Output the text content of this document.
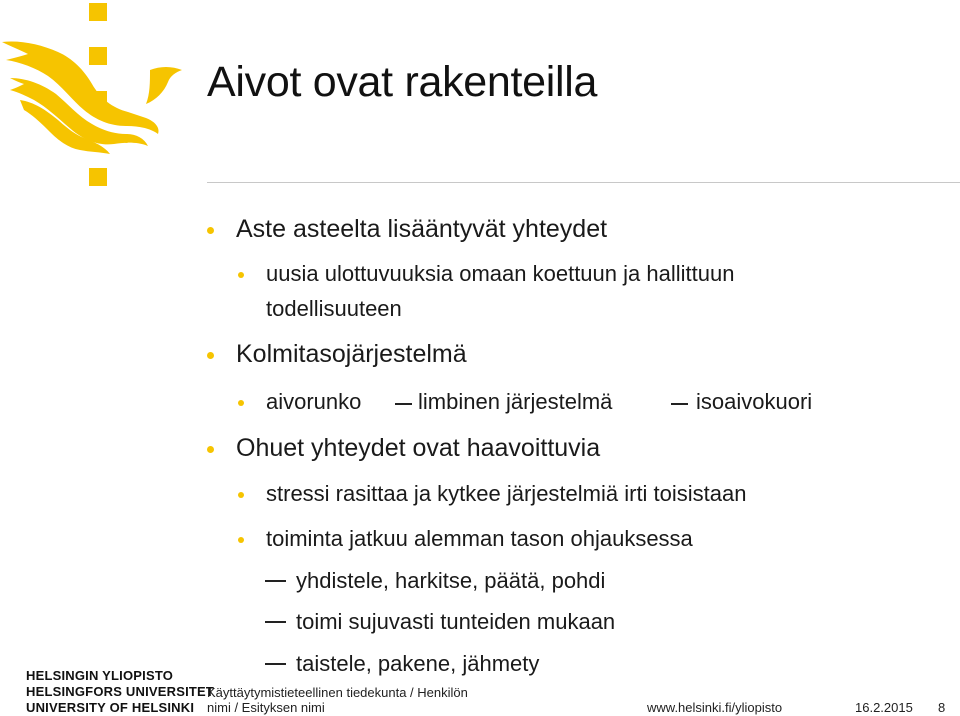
Aivot ovat rakenteilla
Aste asteelta lisääntyvät yhteydet
uusia ulottuvuuksia omaan koettuun ja hallittuun
todellisuuteen
Kolmitasojärjestelmä
aivorunko	limbinen järjestelmä	isoaivokuori
Ohuet yhteydet ovat haavoittuvia
stressi rasittaa ja kytkee järjestelmiä irti toisistaan
toiminta jatkuu alemman tason ohjauksessa
yhdistele, harkitse, päätä, pohdi
toimi sujuvasti tunteiden mukaan
taistele, pakene, jähmety
HELSINGIN YLIOPISTO
HELSINGFORS UNIVERSITET
UNIVERSITY OF HELSINKI
Käyttäytymistieteellinen tiedekunta / Henkilön
nimi / Esityksen nimi	www.helsinki.fi/yliopisto	16.2.2015 8
